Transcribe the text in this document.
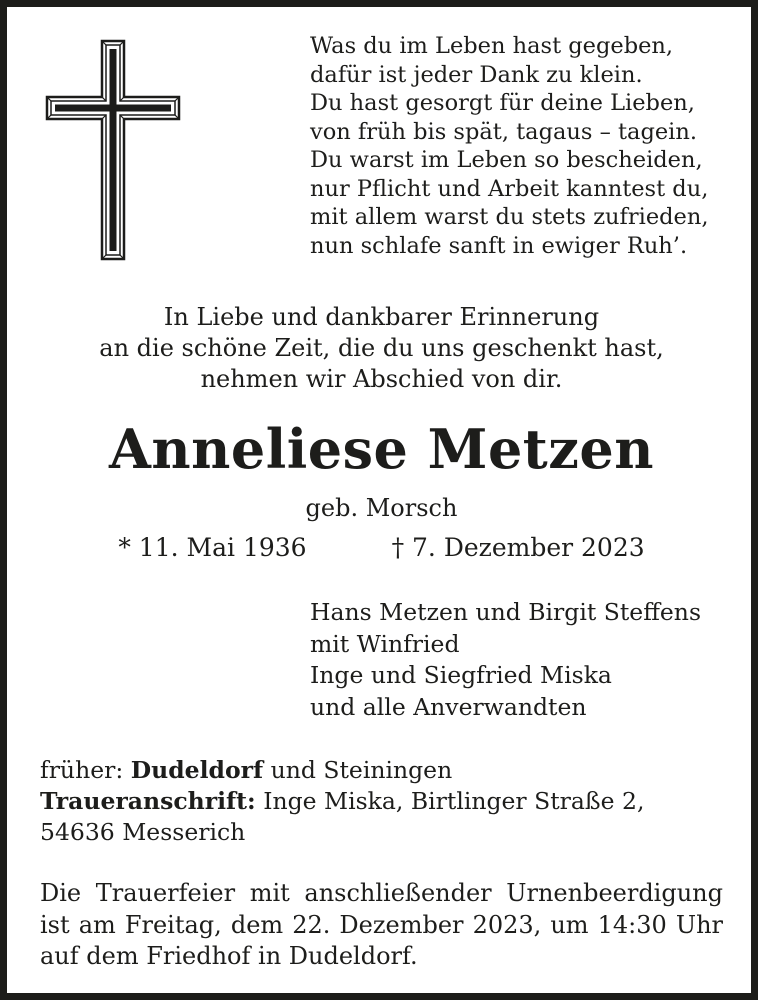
Was du im Leben hast gegeben,
dafür ist jeder Dank zu klein.
Du hast gesorgt für deine Lieben,
von früh bis spät, tagaus – tagein.
Du warst im Leben so bescheiden,
nur Pflicht und Arbeit kanntest du,
mit allem warst du stets zufrieden,
nun schlafe sanft in ewiger Ruh’.
In Liebe und dankbarer Erinnerung
an die schöne Zeit, die du uns geschenkt hast,
nehmen wir Abschied von dir.
Anneliese Metzen
geb. Morsch
* 11. Mai 1936	† 7. Dezember 2023
Hans Metzen und Birgit Steffens
mit Winfried
Inge und Siegfried Miska
und alle Anverwandten
früher: Dudeldorf und Steiningen
Traueranschrift: Inge Miska, Birtlinger Straße 2,
54636 Messerich
Die Trauerfeier mit anschließender Urnenbeerdigung
ist am Freitag, dem 22. Dezember 2023, um 14:30 Uhr
auf dem Friedhof in Dudeldorf.
